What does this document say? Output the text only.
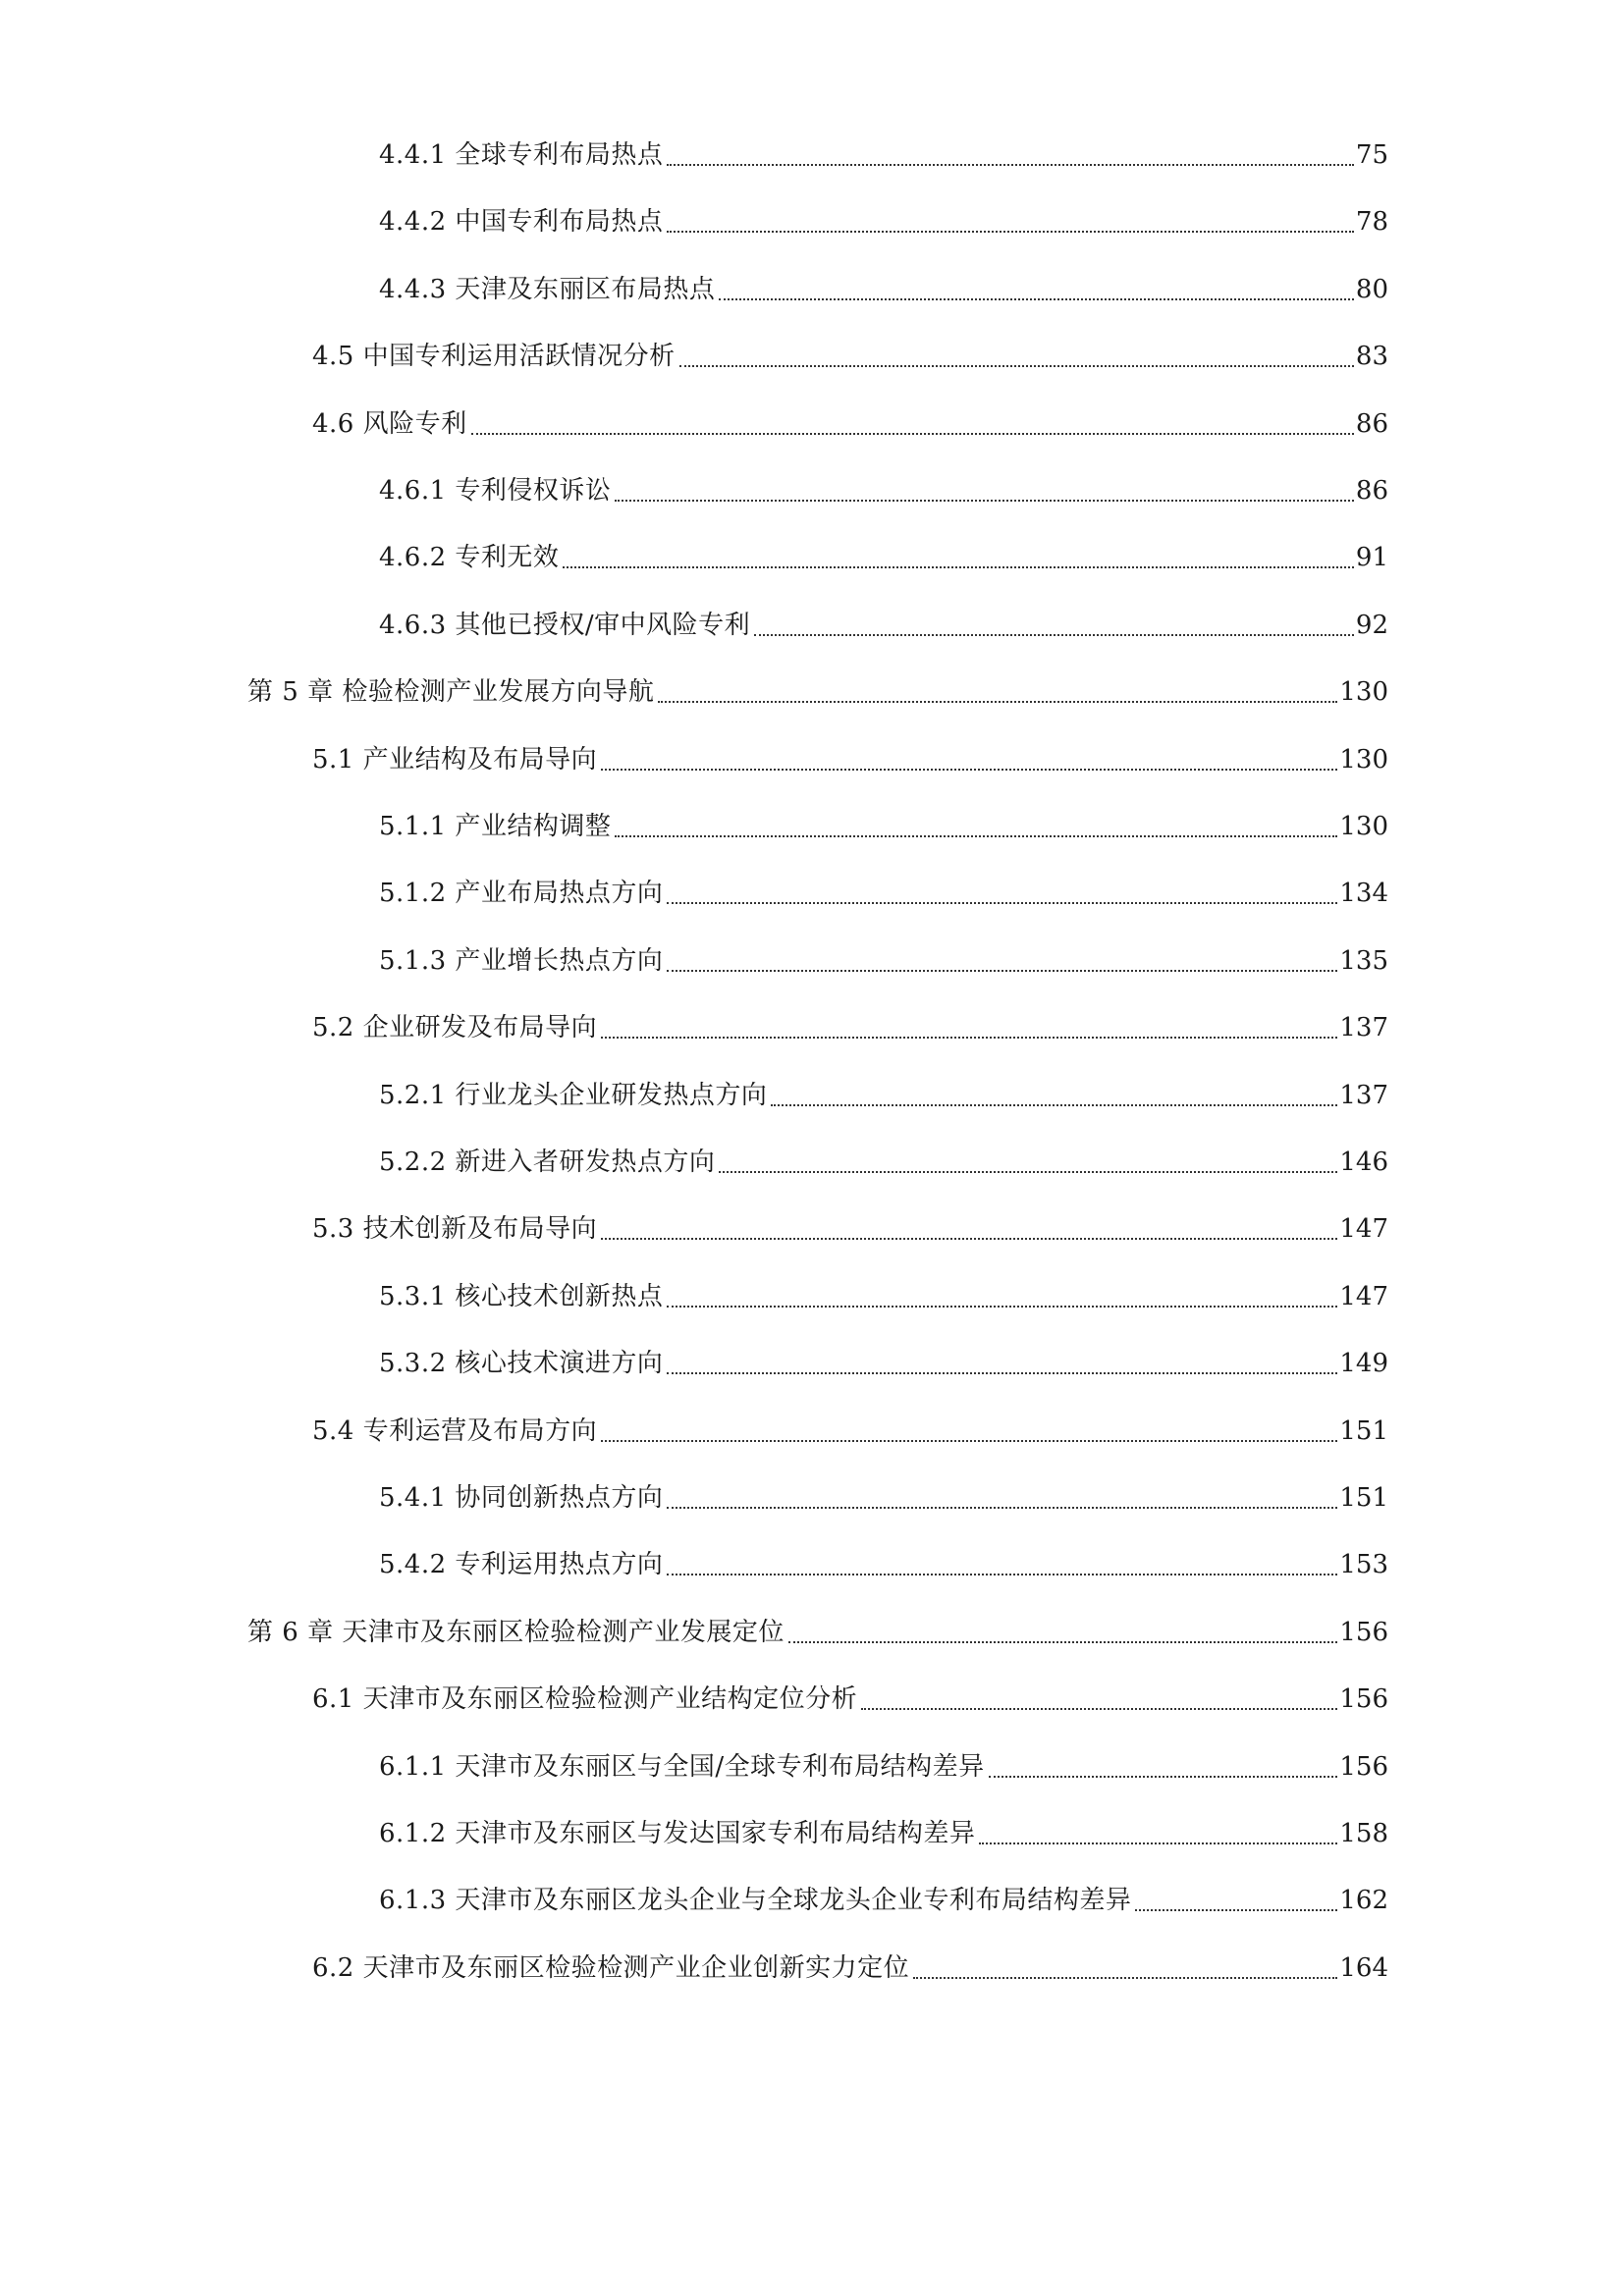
4.4.1 全球专利布局热点	75
4.4.2 中国专利布局热点	78
4.4.3 天津及东丽区布局热点	80
4.5 中国专利运用活跃情况分析	83
4.6 风险专利	86
4.6.1 专利侵权诉讼	86
4.6.2 专利无效	91
4.6.3 其他已授权/审中风险专利	92
第 5 章 检验检测产业发展方向导航	130
5.1 产业结构及布局导向	130
5.1.1 产业结构调整	130
5.1.2 产业布局热点方向	134
5.1.3 产业增长热点方向	135
5.2 企业研发及布局导向	137
5.2.1 行业龙头企业研发热点方向	137
5.2.2 新进入者研发热点方向	146
5.3 技术创新及布局导向	147
5.3.1 核心技术创新热点	147
5.3.2 核心技术演进方向	149
5.4 专利运营及布局方向	151
5.4.1 协同创新热点方向	151
5.4.2 专利运用热点方向	153
第 6 章 天津市及东丽区检验检测产业发展定位	156
6.1 天津市及东丽区检验检测产业结构定位分析	156
6.1.1 天津市及东丽区与全国/全球专利布局结构差异	156
6.1.2 天津市及东丽区与发达国家专利布局结构差异	158
6.1.3 天津市及东丽区龙头企业与全球龙头企业专利布局结构差异	162
6.2 天津市及东丽区检验检测产业企业创新实力定位	164
